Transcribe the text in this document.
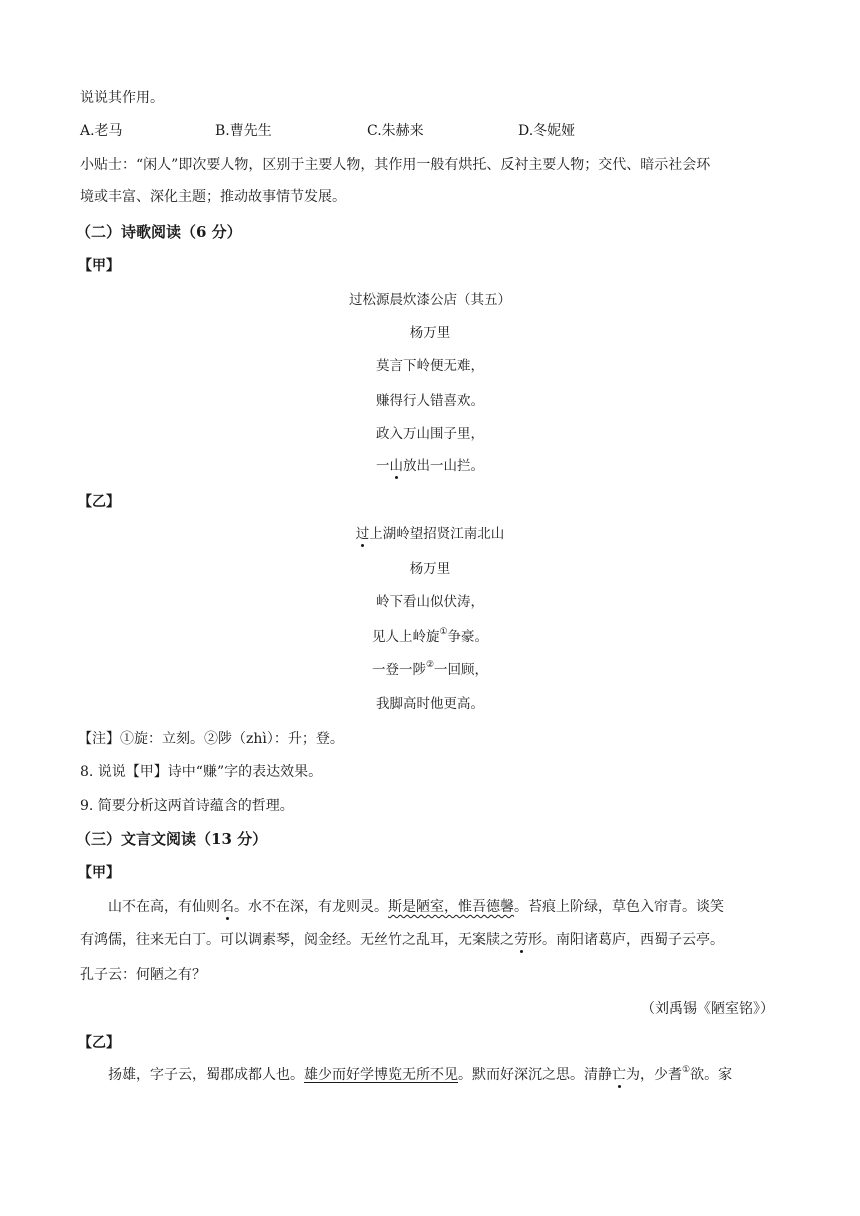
说说其作用。
A.老马	B.曹先生	C.朱赫来	D.冬妮娅
小贴士：“闲人”即次要人物，区别于主要人物，其作用一般有烘托、反衬主要人物；交代、暗示社会环
境或丰富、深化主题；推动故事情节发展。
（二）诗歌阅读（6 分）
【甲】
过松源晨炊漆公店（其五）
杨万里
莫言下岭便无难，
赚得行人错喜欢。
政入万山围子里，
一山放出一山拦。
【乙】
过上湖岭望招贤江南北山
杨万里
岭下看山似伏涛，
见人上岭旋①争豪。
一登一陟②一回顾，
我脚高时他更高。
【注】①旋：立刻。②陟（zhì）：升；登。
8. 说说【甲】诗中“赚”字的表达效果。
9. 简要分析这两首诗蕴含的哲理。
（三）文言文阅读（13 分）
【甲】
山不在高，有仙则名。水不在深，有龙则灵。斯是陋室，惟吾德馨。苔痕上阶绿，草色入帘青。谈笑
有鸿儒，往来无白丁。可以调素琴，阅金经。无丝竹之乱耳，无案牍之劳形。南阳诸葛庐，西蜀子云亭。
孔子云：何陋之有？
（刘禹锡《陋室铭》）
【乙】
扬雄，字子云，蜀郡成都人也。雄少而好学博览无所不见。默而好深沉之思。清静亡为，少耆①欲。家
